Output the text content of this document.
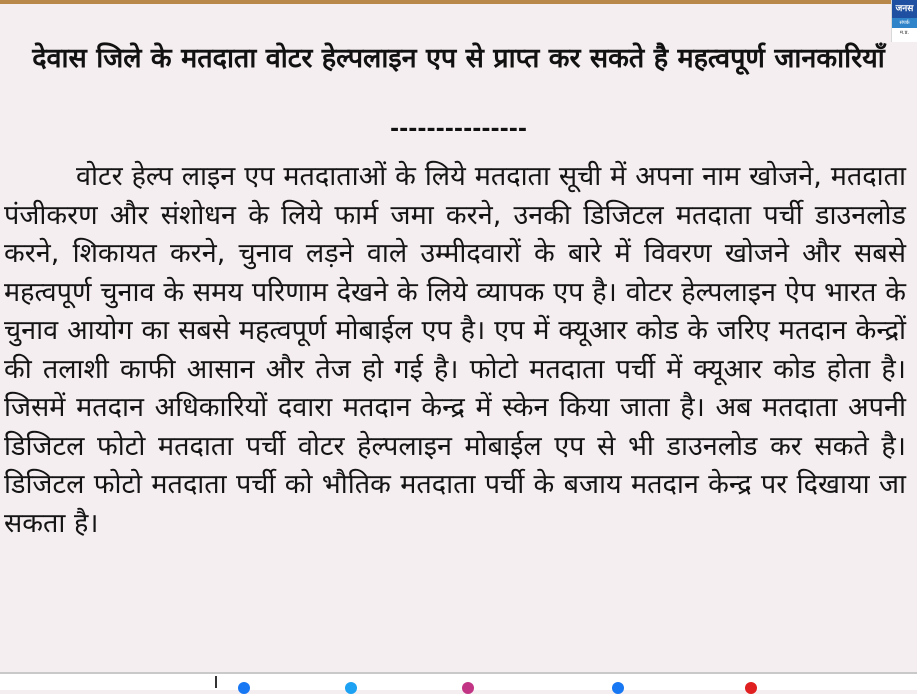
जनस
संपर्क
म.प्र.
देवास जिले के मतदाता वोटर हेल्पलाइन एप से प्राप्त कर सकते है महत्वपूर्ण जानकारियाँ
---------------

वोटर हेल्प लाइन एप मतदाताओं के लिये मतदाता सूची में अपना नाम खोजने, मतदाता पंजीकरण और संशोधन के लिये फार्म जमा करने, उनकी डिजिटल मतदाता पर्ची डाउनलोड करने, शिकायत करने, चुनाव लड़ने वाले उम्मीदवारों के बारे में विवरण खोजने और सबसे महत्वपूर्ण चुनाव के समय परिणाम देखने के लिये व्यापक एप है। वोटर हेल्पलाइन ऐप भारत के चुनाव आयोग का सबसे महत्वपूर्ण मोबाईल एप है। एप में क्यूआर कोड के जरिए मतदान केन्द्रों की तलाशी काफी आसान और तेज हो गई है। फोटो मतदाता पर्ची में क्यूआर कोड होता है। जिसमें मतदान अधिकारियों दवारा मतदान केन्द्र में स्केन किया जाता है। अब मतदाता अपनी डिजिटल फोटो मतदाता पर्ची वोटर हेल्पलाइन मोबाईल एप से भी डाउनलोड कर सकते है। डिजिटल फोटो मतदाता पर्ची को भौतिक मतदाता पर्ची के बजाय मतदान केन्द्र पर दिखाया जा सकता है।
